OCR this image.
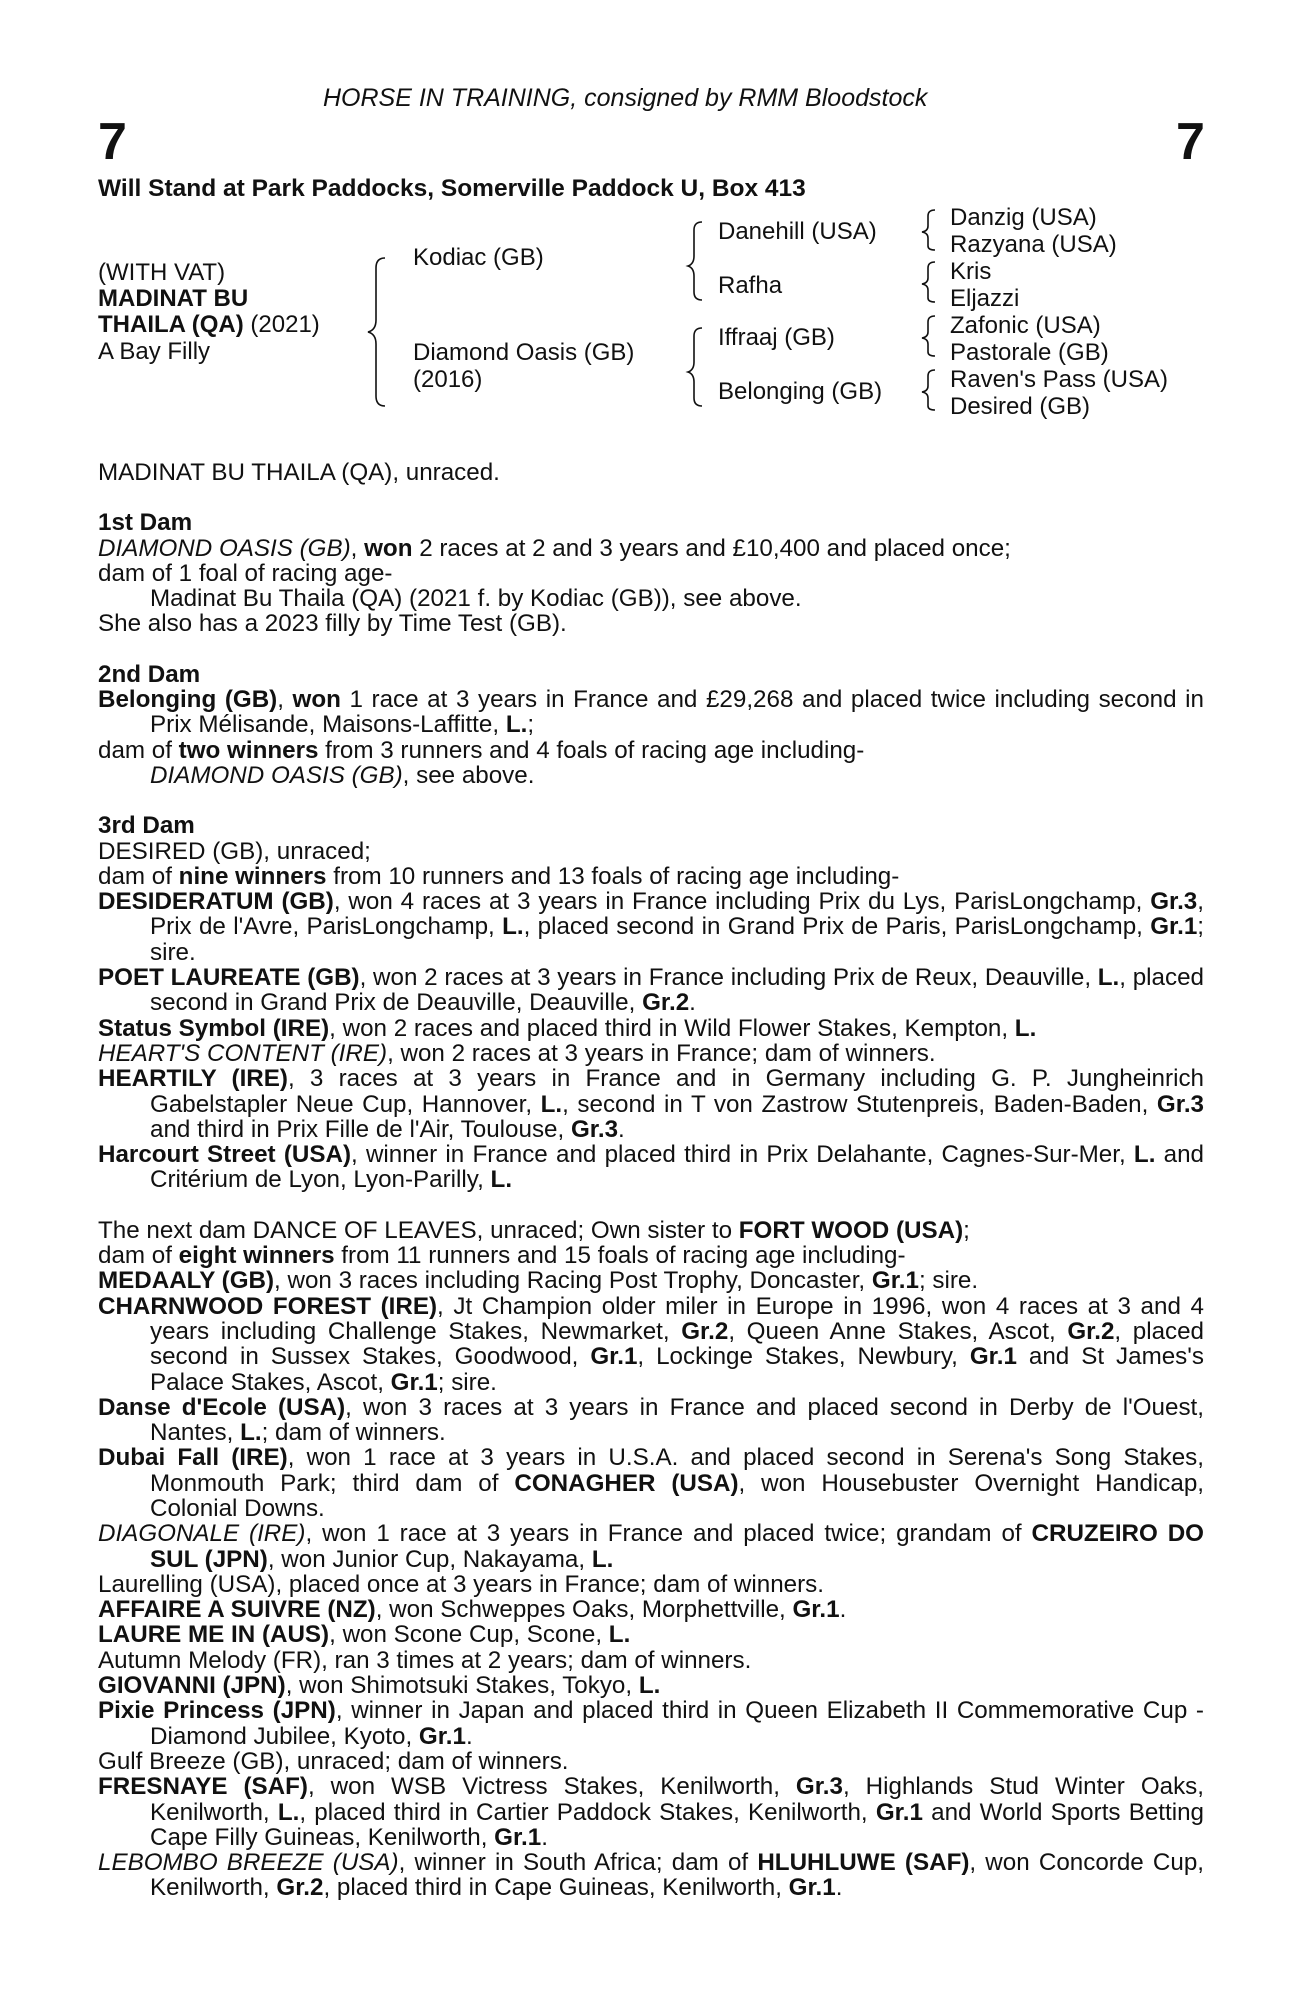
HORSE IN TRAINING, consigned by RMM Bloodstock
7	7
Will Stand at Park Paddocks, Somerville Paddock U, Box 413
(WITH VAT)
MADINAT BU
THAILA (QA) (2021)
A Bay Filly
Kodiac (GB)
Diamond Oasis (GB)
(2016)
Danehill (USA)
Rafha
Iffraaj (GB)
Belonging (GB)
Danzig (USA)
Razyana (USA)
Kris
Eljazzi
Zafonic (USA)
Pastorale (GB)
Raven's Pass (USA)
Desired (GB)

MADINAT BU THAILA (QA), unraced.

1st Dam

DIAMOND OASIS (GB), won 2 races at 2 and 3 years and £10,400 and placed once;

dam of 1 foal of racing age-

Madinat Bu Thaila (QA) (2021 f. by Kodiac (GB)), see above.

She also has a 2023 filly by Time Test (GB).

2nd Dam

Belonging (GB), won 1 race at 3 years in France and £29,268 and placed twice including second in Prix Mélisande, Maisons-Laffitte, L.;

dam of two winners from 3 runners and 4 foals of racing age including-

DIAMOND OASIS (GB), see above.

3rd Dam

DESIRED (GB), unraced;

dam of nine winners from 10 runners and 13 foals of racing age including-

DESIDERATUM (GB), won 4 races at 3 years in France including Prix du Lys, ParisLongchamp, Gr.3, Prix de l'Avre, ParisLongchamp, L., placed second in Grand Prix de Paris, ParisLongchamp, Gr.1; sire.

POET LAUREATE (GB), won 2 races at 3 years in France including Prix de Reux, Deauville, L., placed second in Grand Prix de Deauville, Deauville, Gr.2.

Status Symbol (IRE), won 2 races and placed third in Wild Flower Stakes, Kempton, L.

HEART'S CONTENT (IRE), won 2 races at 3 years in France; dam of winners.

HEARTILY (IRE), 3 races at 3 years in France and in Germany including G. P. Jungheinrich Gabelstapler Neue Cup, Hannover, L., second in T von Zastrow Stutenpreis, Baden-Baden, Gr.3 and third in Prix Fille de l'Air, Toulouse, Gr.3.

Harcourt Street (USA), winner in France and placed third in Prix Delahante, Cagnes-Sur-Mer, L. and Critérium de Lyon, Lyon-Parilly, L.

The next dam DANCE OF LEAVES, unraced; Own sister to FORT WOOD (USA);

dam of eight winners from 11 runners and 15 foals of racing age including-

MEDAALY (GB), won 3 races including Racing Post Trophy, Doncaster, Gr.1; sire.

CHARNWOOD FOREST (IRE), Jt Champion older miler in Europe in 1996, won 4 races at 3 and 4 years including Challenge Stakes, Newmarket, Gr.2, Queen Anne Stakes, Ascot, Gr.2, placed second in Sussex Stakes, Goodwood, Gr.1, Lockinge Stakes, Newbury, Gr.1 and St James's Palace Stakes, Ascot, Gr.1; sire.

Danse d'Ecole (USA), won 3 races at 3 years in France and placed second in Derby de l'Ouest, Nantes, L.; dam of winners.

Dubai Fall (IRE), won 1 race at 3 years in U.S.A. and placed second in Serena's Song Stakes, Monmouth Park; third dam of CONAGHER (USA), won Housebuster Overnight Handicap, Colonial Downs.

DIAGONALE (IRE), won 1 race at 3 years in France and placed twice; grandam of CRUZEIRO DO SUL (JPN), won Junior Cup, Nakayama, L.

Laurelling (USA), placed once at 3 years in France; dam of winners.

AFFAIRE A SUIVRE (NZ), won Schweppes Oaks, Morphettville, Gr.1.

LAURE ME IN (AUS), won Scone Cup, Scone, L.

Autumn Melody (FR), ran 3 times at 2 years; dam of winners.

GIOVANNI (JPN), won Shimotsuki Stakes, Tokyo, L.

Pixie Princess (JPN), winner in Japan and placed third in Queen Elizabeth II Commemorative Cup - Diamond Jubilee, Kyoto, Gr.1.

Gulf Breeze (GB), unraced; dam of winners.

FRESNAYE (SAF), won WSB Victress Stakes, Kenilworth, Gr.3, Highlands Stud Winter Oaks, Kenilworth, L., placed third in Cartier Paddock Stakes, Kenilworth, Gr.1 and World Sports Betting Cape Filly Guineas, Kenilworth, Gr.1.

LEBOMBO BREEZE (USA), winner in South Africa; dam of HLUHLUWE (SAF), won Concorde Cup, Kenilworth, Gr.2, placed third in Cape Guineas, Kenilworth, Gr.1.
